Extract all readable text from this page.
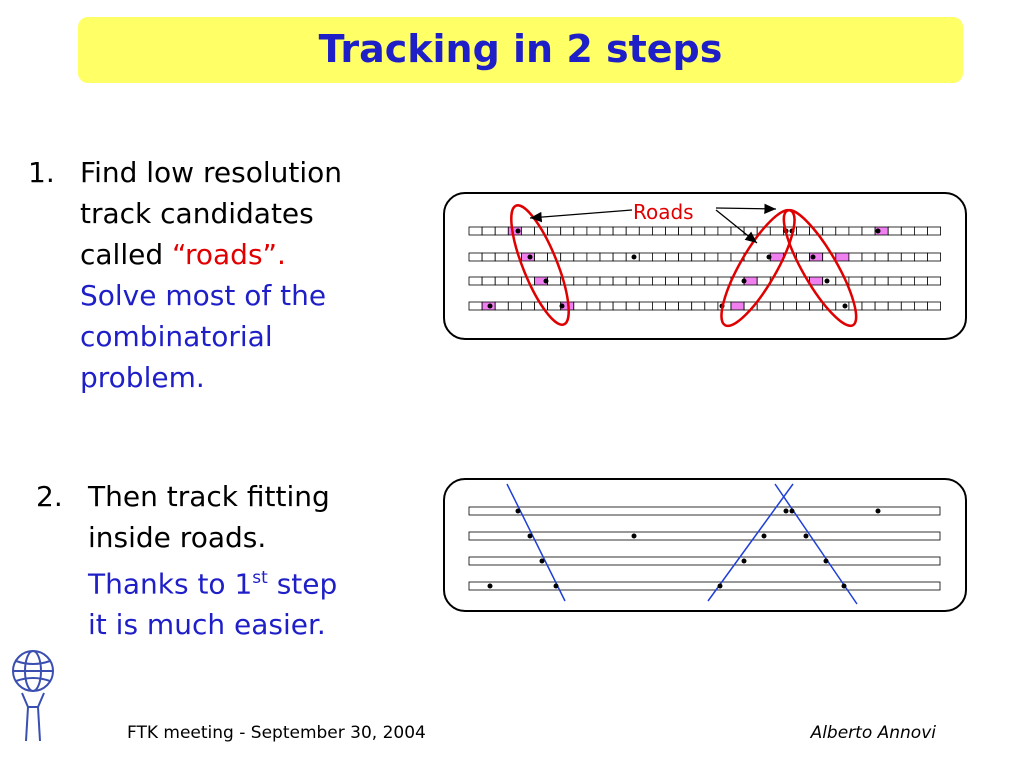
Tracking in 2 steps
1. Find low resolution
track candidates
called “roads”.
Solve most of the
combinatorial
problem.
2. Then track fitting
inside roads.
Thanks to 1st step
it is much easier.
Roads
FTK meeting - September 30, 2004	Alberto Annovi
